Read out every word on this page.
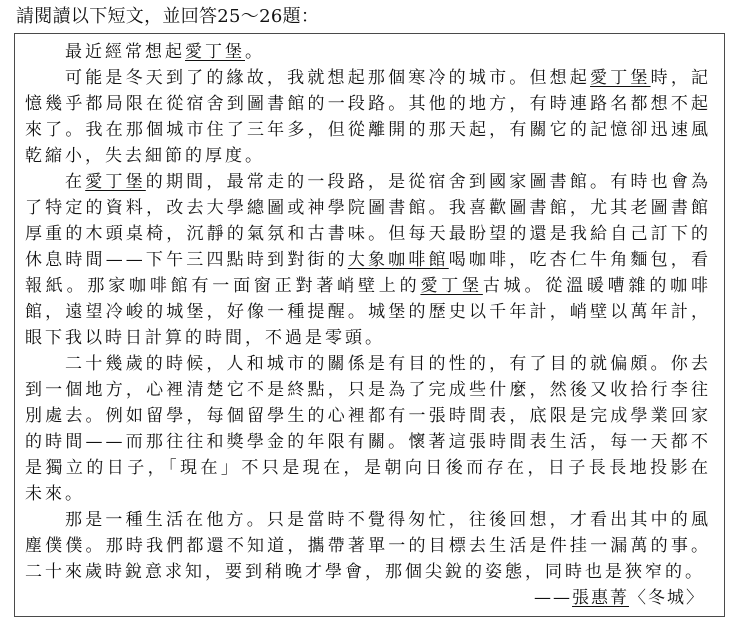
請閱讀以下短文，並回答25～26題：
最近經常想起愛丁堡。
可能是冬天到了的緣故，我就想起那個寒冷的城市。但想起愛丁堡時，記
憶幾乎都局限在從宿舍到圖書館的一段路。其他的地方，有時連路名都想不起
來了。我在那個城市住了三年多，但從離開的那天起，有關它的記憶卻迅速風
乾縮小，失去細節的厚度。
在愛丁堡的期間，最常走的一段路，是從宿舍到國家圖書館。有時也會為
了特定的資料，改去大學總圖或神學院圖書館。我喜歡圖書館，尤其老圖書館
厚重的木頭桌椅，沉靜的氣氛和古書味。但每天最盼望的還是我給自己訂下的
休息時間——下午三四點時到對街的大象咖啡館喝咖啡，吃杏仁牛角麵包，看
報紙。那家咖啡館有一面窗正對著峭壁上的愛丁堡古城。從溫暖嘈雜的咖啡
館，遠望冷峻的城堡，好像一種提醒。城堡的歷史以千年計，峭壁以萬年計，
眼下我以時日計算的時間，不過是零頭。
二十幾歲的時候，人和城市的關係是有目的性的，有了目的就偏頗。你去
到一個地方，心裡清楚它不是終點，只是為了完成些什麼，然後又收拾行李往
別處去。例如留學，每個留學生的心裡都有一張時間表，底限是完成學業回家
的時間——而那往往和獎學金的年限有關。懷著這張時間表生活，每一天都不
是獨立的日子，「現在」不只是現在，是朝向日後而存在，日子長長地投影在
未來。
那是一種生活在他方。只是當時不覺得匆忙，往後回想，才看出其中的風
塵僕僕。那時我們都還不知道，攜帶著單一的目標去生活是件挂一漏萬的事。
二十來歲時銳意求知，要到稍晚才學會，那個尖銳的姿態，同時也是狹窄的。
——張惠菁〈冬城〉
